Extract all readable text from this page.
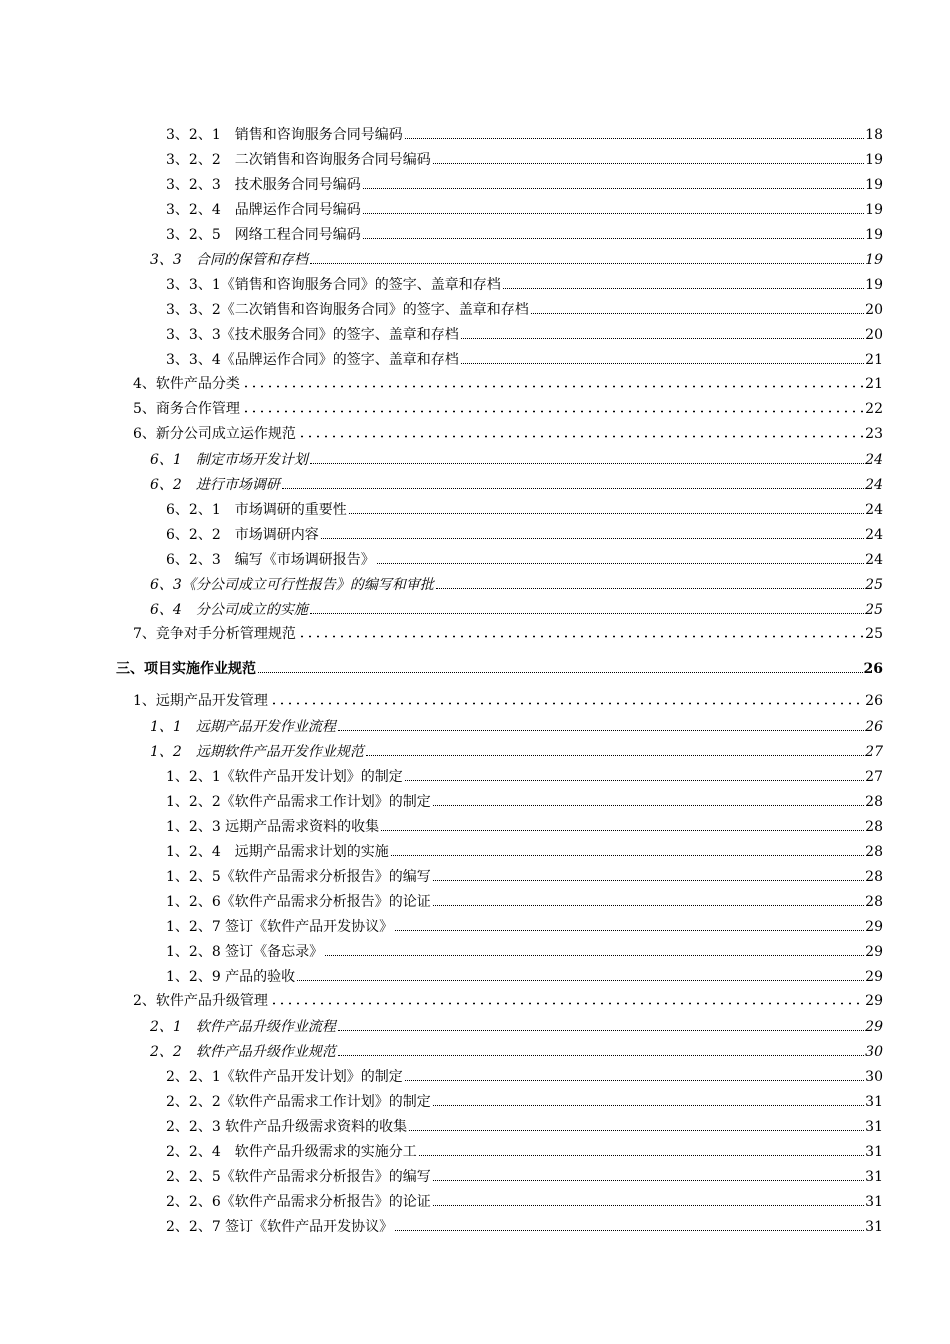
3、2、1　销售和咨询服务合同号编码	18
3、2、2　二次销售和咨询服务合同号编码	19
3、2、3　技术服务合同号编码	19
3、2、4　品牌运作合同号编码	19
3、2、5　网络工程合同号编码	19
3、3　合同的保管和存档	19
3、3、1《销售和咨询服务合同》的签字、盖章和存档	19
3、3、2《二次销售和咨询服务合同》的签字、盖章和存档	20
3、3、3《技术服务合同》的签字、盖章和存档	20
3、3、4《品牌运作合同》的签字、盖章和存档	21
4、软件产品分类	21
5、商务合作管理	22
6、新分公司成立运作规范	23
6、1　制定市场开发计划	24
6、2　进行市场调研	24
6、2、1　市场调研的重要性	24
6、2、2　市场调研内容	24
6、2、3　编写《市场调研报告》	24
6、3《分公司成立可行性报告》的编写和审批	25
6、4　分公司成立的实施	25
7、竞争对手分析管理规范	25
三、项目实施作业规范	26
1、远期产品开发管理	26
1、1　远期产品开发作业流程	26
1、2　远期软件产品开发作业规范	27
1、2、1《软件产品开发计划》的制定	27
1、2、2《软件产品需求工作计划》的制定	28
1、2、3 远期产品需求资料的收集	28
1、2、4　远期产品需求计划的实施	28
1、2、5《软件产品需求分析报告》的编写	28
1、2、6《软件产品需求分析报告》的论证	28
1、2、7 签订《软件产品开发协议》	29
1、2、8 签订《备忘录》	29
1、2、9 产品的验收	29
2、软件产品升级管理	29
2、1　软件产品升级作业流程	29
2、2　软件产品升级作业规范	30
2、2、1《软件产品开发计划》的制定	30
2、2、2《软件产品需求工作计划》的制定	31
2、2、3 软件产品升级需求资料的收集	31
2、2、4　软件产品升级需求的实施分工	31
2、2、5《软件产品需求分析报告》的编写	31
2、2、6《软件产品需求分析报告》的论证	31
2、2、7 签订《软件产品开发协议》	31
